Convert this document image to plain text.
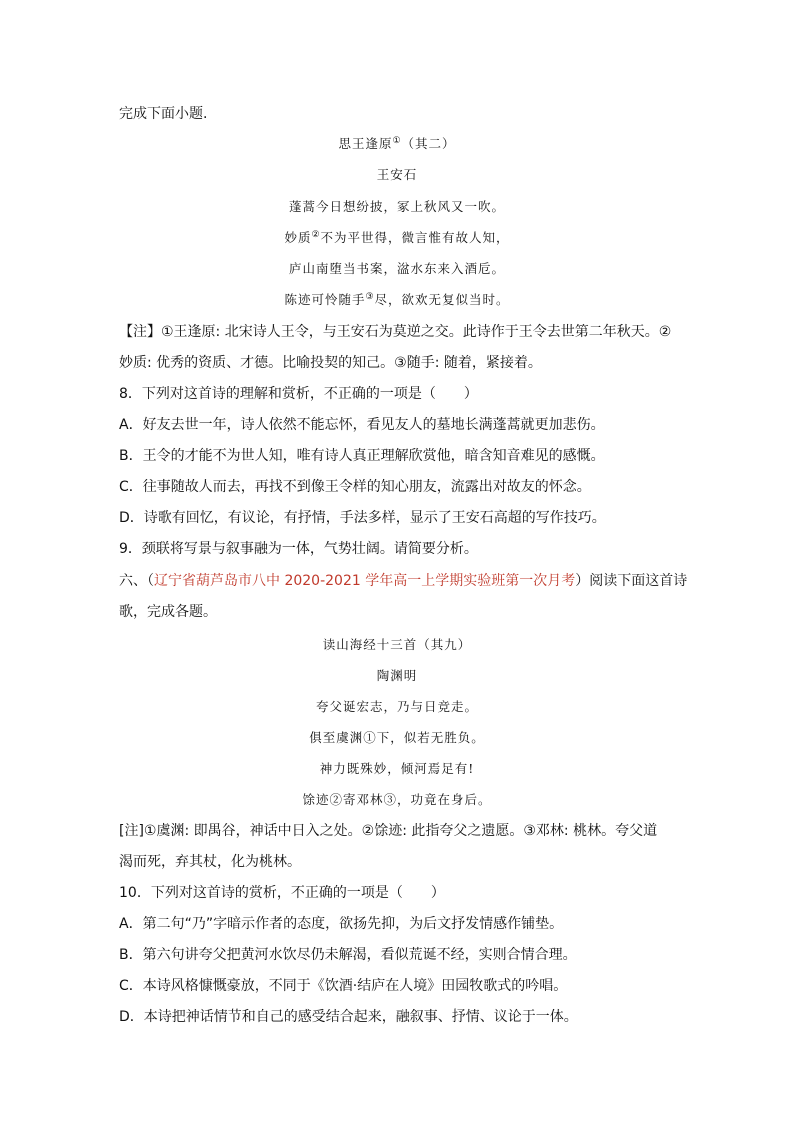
完成下面小题.
思王逢原①（其二）
王安石
蓬蒿今日想纷披，冢上秋风又一吹。
妙质②不为平世得，微言惟有故人知，
庐山南堕当书案，湓水东来入酒卮。
陈迹可怜随手③尽，欲欢无复似当时。
【注】①王逢原: 北宋诗人王令，与王安石为莫逆之交。此诗作于王令去世第二年秋天。②
妙质: 优秀的资质、才德。比喻投契的知己。③随手: 随着，紧接着。
8．下列对这首诗的理解和赏析，不正确的一项是（　　）
A．好友去世一年，诗人依然不能忘怀，看见友人的墓地长满蓬蒿就更加悲伤。
B．王令的才能不为世人知，唯有诗人真正理解欣赏他，暗含知音难见的感慨。
C．往事随故人而去，再找不到像王令样的知心朋友，流露出对故友的怀念。
D．诗歌有回忆，有议论，有抒情，手法多样，显示了王安石高超的写作技巧。
9．颈联将写景与叙事融为一体，气势壮阔。请简要分析。
六、（辽宁省葫芦岛市八中 2020-2021 学年高一上学期实验班第一次月考）阅读下面这首诗
歌，完成各题。
读山海经十三首（其九）
陶渊明
夸父诞宏志，乃与日竞走。
俱至虞渊①下，似若无胜负。
神力既殊妙，倾河焉足有!
馀迹②寄邓林③，功竟在身后。
[注]①虞渊: 即禺谷，神话中日入之处。②馀迹: 此指夸父之遗愿。③邓林: 桃林。夸父道
渴而死，弃其杖，化为桃林。
10．下列对这首诗的赏析，不正确的一项是（　　）
A．第二句“乃”字暗示作者的态度，欲扬先抑，为后文抒发情感作铺垫。
B．第六句讲夸父把黄河水饮尽仍未解渴，看似荒诞不经，实则合情合理。
C．本诗风格慷慨豪放，不同于《饮酒·结庐在人境》田园牧歌式的吟唱。
D．本诗把神话情节和自己的感受结合起来，融叙事、抒情、议论于一体。
